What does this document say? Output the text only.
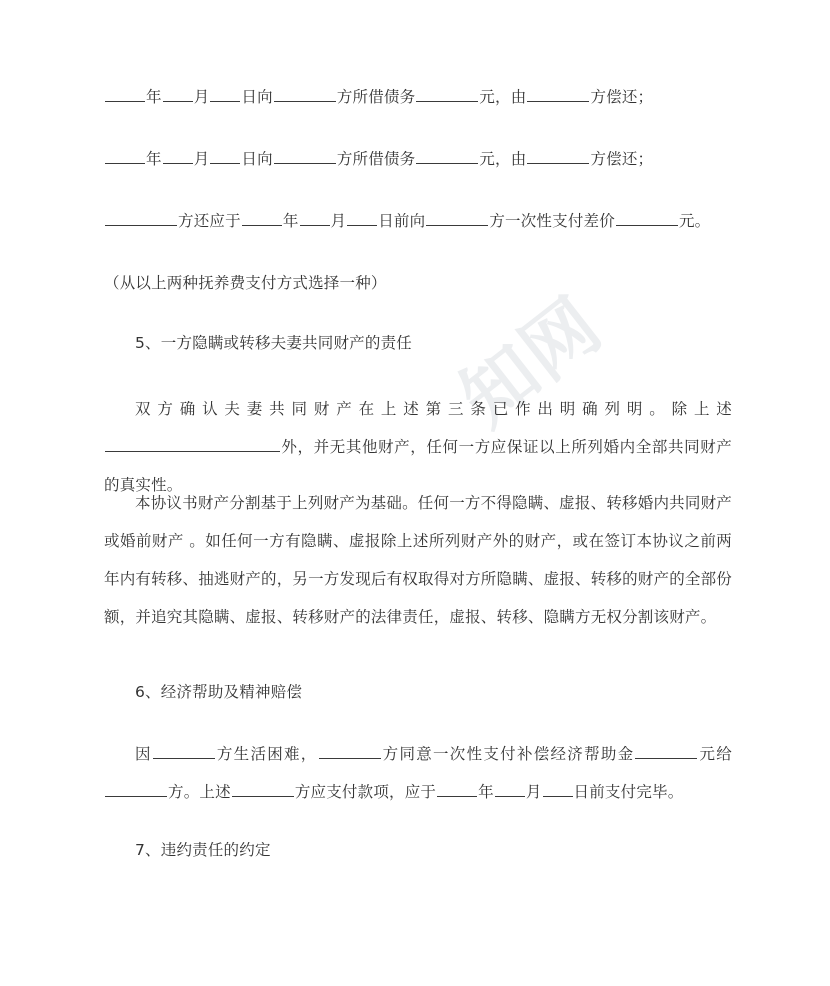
知网
年 月 日向	方所借债务	元，由	方偿还；
年 月 日向	方所借债务	元，由	方偿还；
方还应于	年 月 日前向	方一次性支付差价	元。
（从以上两种抚养费支付方式选择一种）
5、一方隐瞒或转移夫妻共同财产的责任
双方确认夫妻共同财产在上述第三条已作出明确列明。除上述外，并无其他财产，任何一方应保证以上所列婚内全部共同财产的真实性。
本协议书财产分割基于上列财产为基础。任何一方不得隐瞒、虚报、转移婚内共同财产或婚前财产 。如任何一方有隐瞒、虚报除上述所列财产外的财产，或在签订本协议之前两年内有转移、抽逃财产的，另一方发现后有权取得对方所隐瞒、虚报、转移的财产的全部份额，并追究其隐瞒、虚报、转移财产的法律责任，虚报、转移、隐瞒方无权分割该财产。
6、经济帮助及精神赔偿
因	方生活困难，	方同意一次性支付补偿经济帮助金	元给方。上述	方应支付款项，应于	年 月 日前支付完毕。
7、违约责任的约定
